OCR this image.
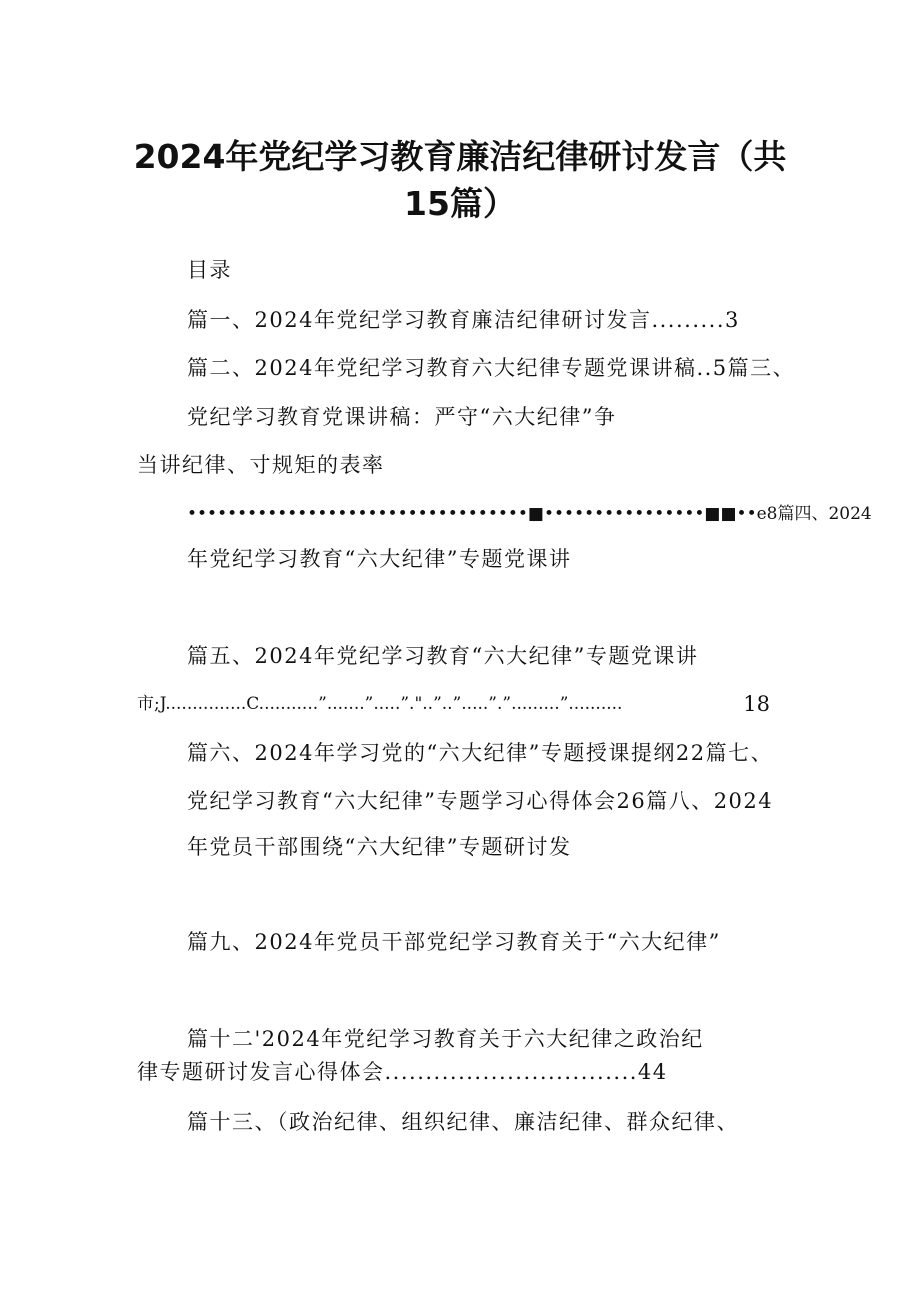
2024年党纪学习教育廉洁纪律研讨发言（共
15篇）
目录
篇一、2024年党纪学习教育廉洁纪律研讨发言.........3
篇二、2024年党纪学习教育六大纪律专题党课讲稿..5篇三、
党纪学习教育党课讲稿：严守“六大纪律”争
当讲纪律、寸规矩的表率
••••••••••••••••••••••••••••••••••■••••••••••••••••■■••e8篇四、2024
年党纪学习教育“六大纪律”专题党课讲
篇五、2024年党纪学习教育“六大纪律”专题党课讲
市;J...............C...........”.......”.....”."..”..”.....”.”.........”..........	18
篇六、2024年学习党的“六大纪律”专题授课提纲22篇七、
党纪学习教育“六大纪律”专题学习心得体会26篇八、2024
年党员干部围绕“六大纪律”专题研讨发
篇九、2024年党员干部党纪学习教育关于“六大纪律”
篇十二'2024年党纪学习教育关于六大纪律之政治纪
律专题研讨发言心得体会...............................44
篇十三、（政治纪律、组织纪律、廉洁纪律、群众纪律、
